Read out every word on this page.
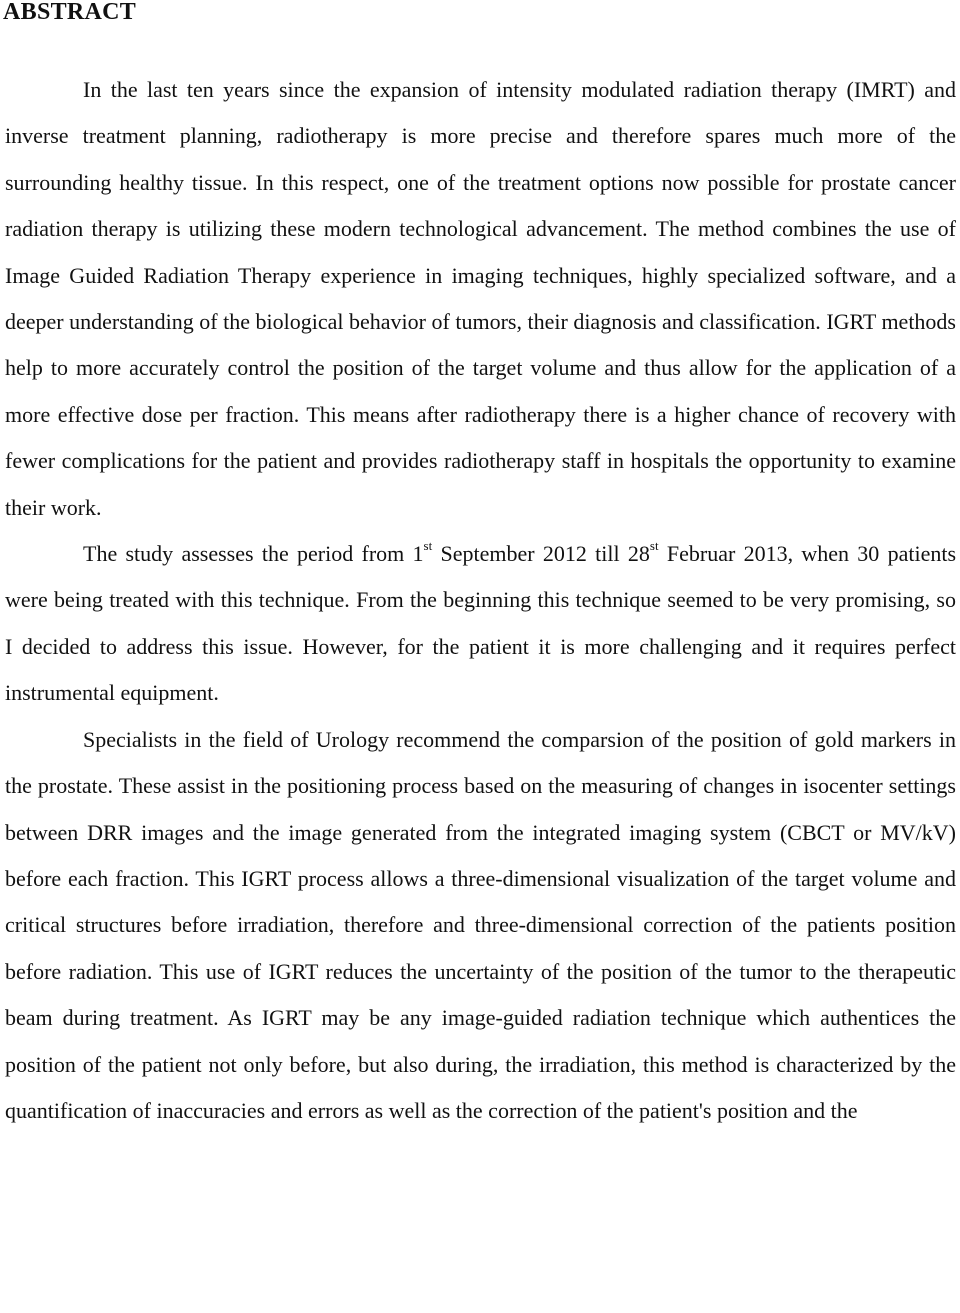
ABSTRACT

In the last ten years since the expansion of intensity modulated radiation therapy (IMRT) and inverse treatment planning, radiotherapy is more precise and therefore spares much more of the surrounding healthy tissue. In this respect, one of the treatment options now possible for prostate cancer radiation therapy is utilizing these modern technological advancement. The method combines the use of Image Guided Radiation Therapy experience in imaging techniques, highly specialized software, and a deeper understanding of the biological behavior of tumors, their diagnosis and classification. IGRT methods help to more accurately control the position of the target volume and thus allow for the application of a more effective dose per fraction. This means after radiotherapy there is a higher chance of recovery with fewer complications for the patient and provides radiotherapy staff in hospitals the opportunity to examine their work.

The study assesses the period from 1st September 2012 till 28st Februar 2013, when 30 patients were being treated with this technique. From the beginning this technique seemed to be very promising, so I decided to address this issue. However, for the patient it is more challenging and it requires perfect instrumental equipment.

Specialists in the field of Urology recommend the comparsion of the position of gold markers in the prostate. These assist in the positioning process based on the measuring of changes in isocenter settings between DRR images and the image generated from the integrated imaging system (CBCT or MV/kV) before each fraction. This IGRT process allows a three-dimensional visualization of the target volume and critical structures before irradiation, therefore and three-dimensional correction of the patients position before radiation. This use of IGRT reduces the uncertainty of the position of the tumor to the therapeutic beam during treatment. As IGRT may be any image-guided radiation technique which authentices the position of the patient not only before, but also during, the irradiation, this method is characterized by the quantification of inaccuracies and errors as well as the correction of the patient's position and the
